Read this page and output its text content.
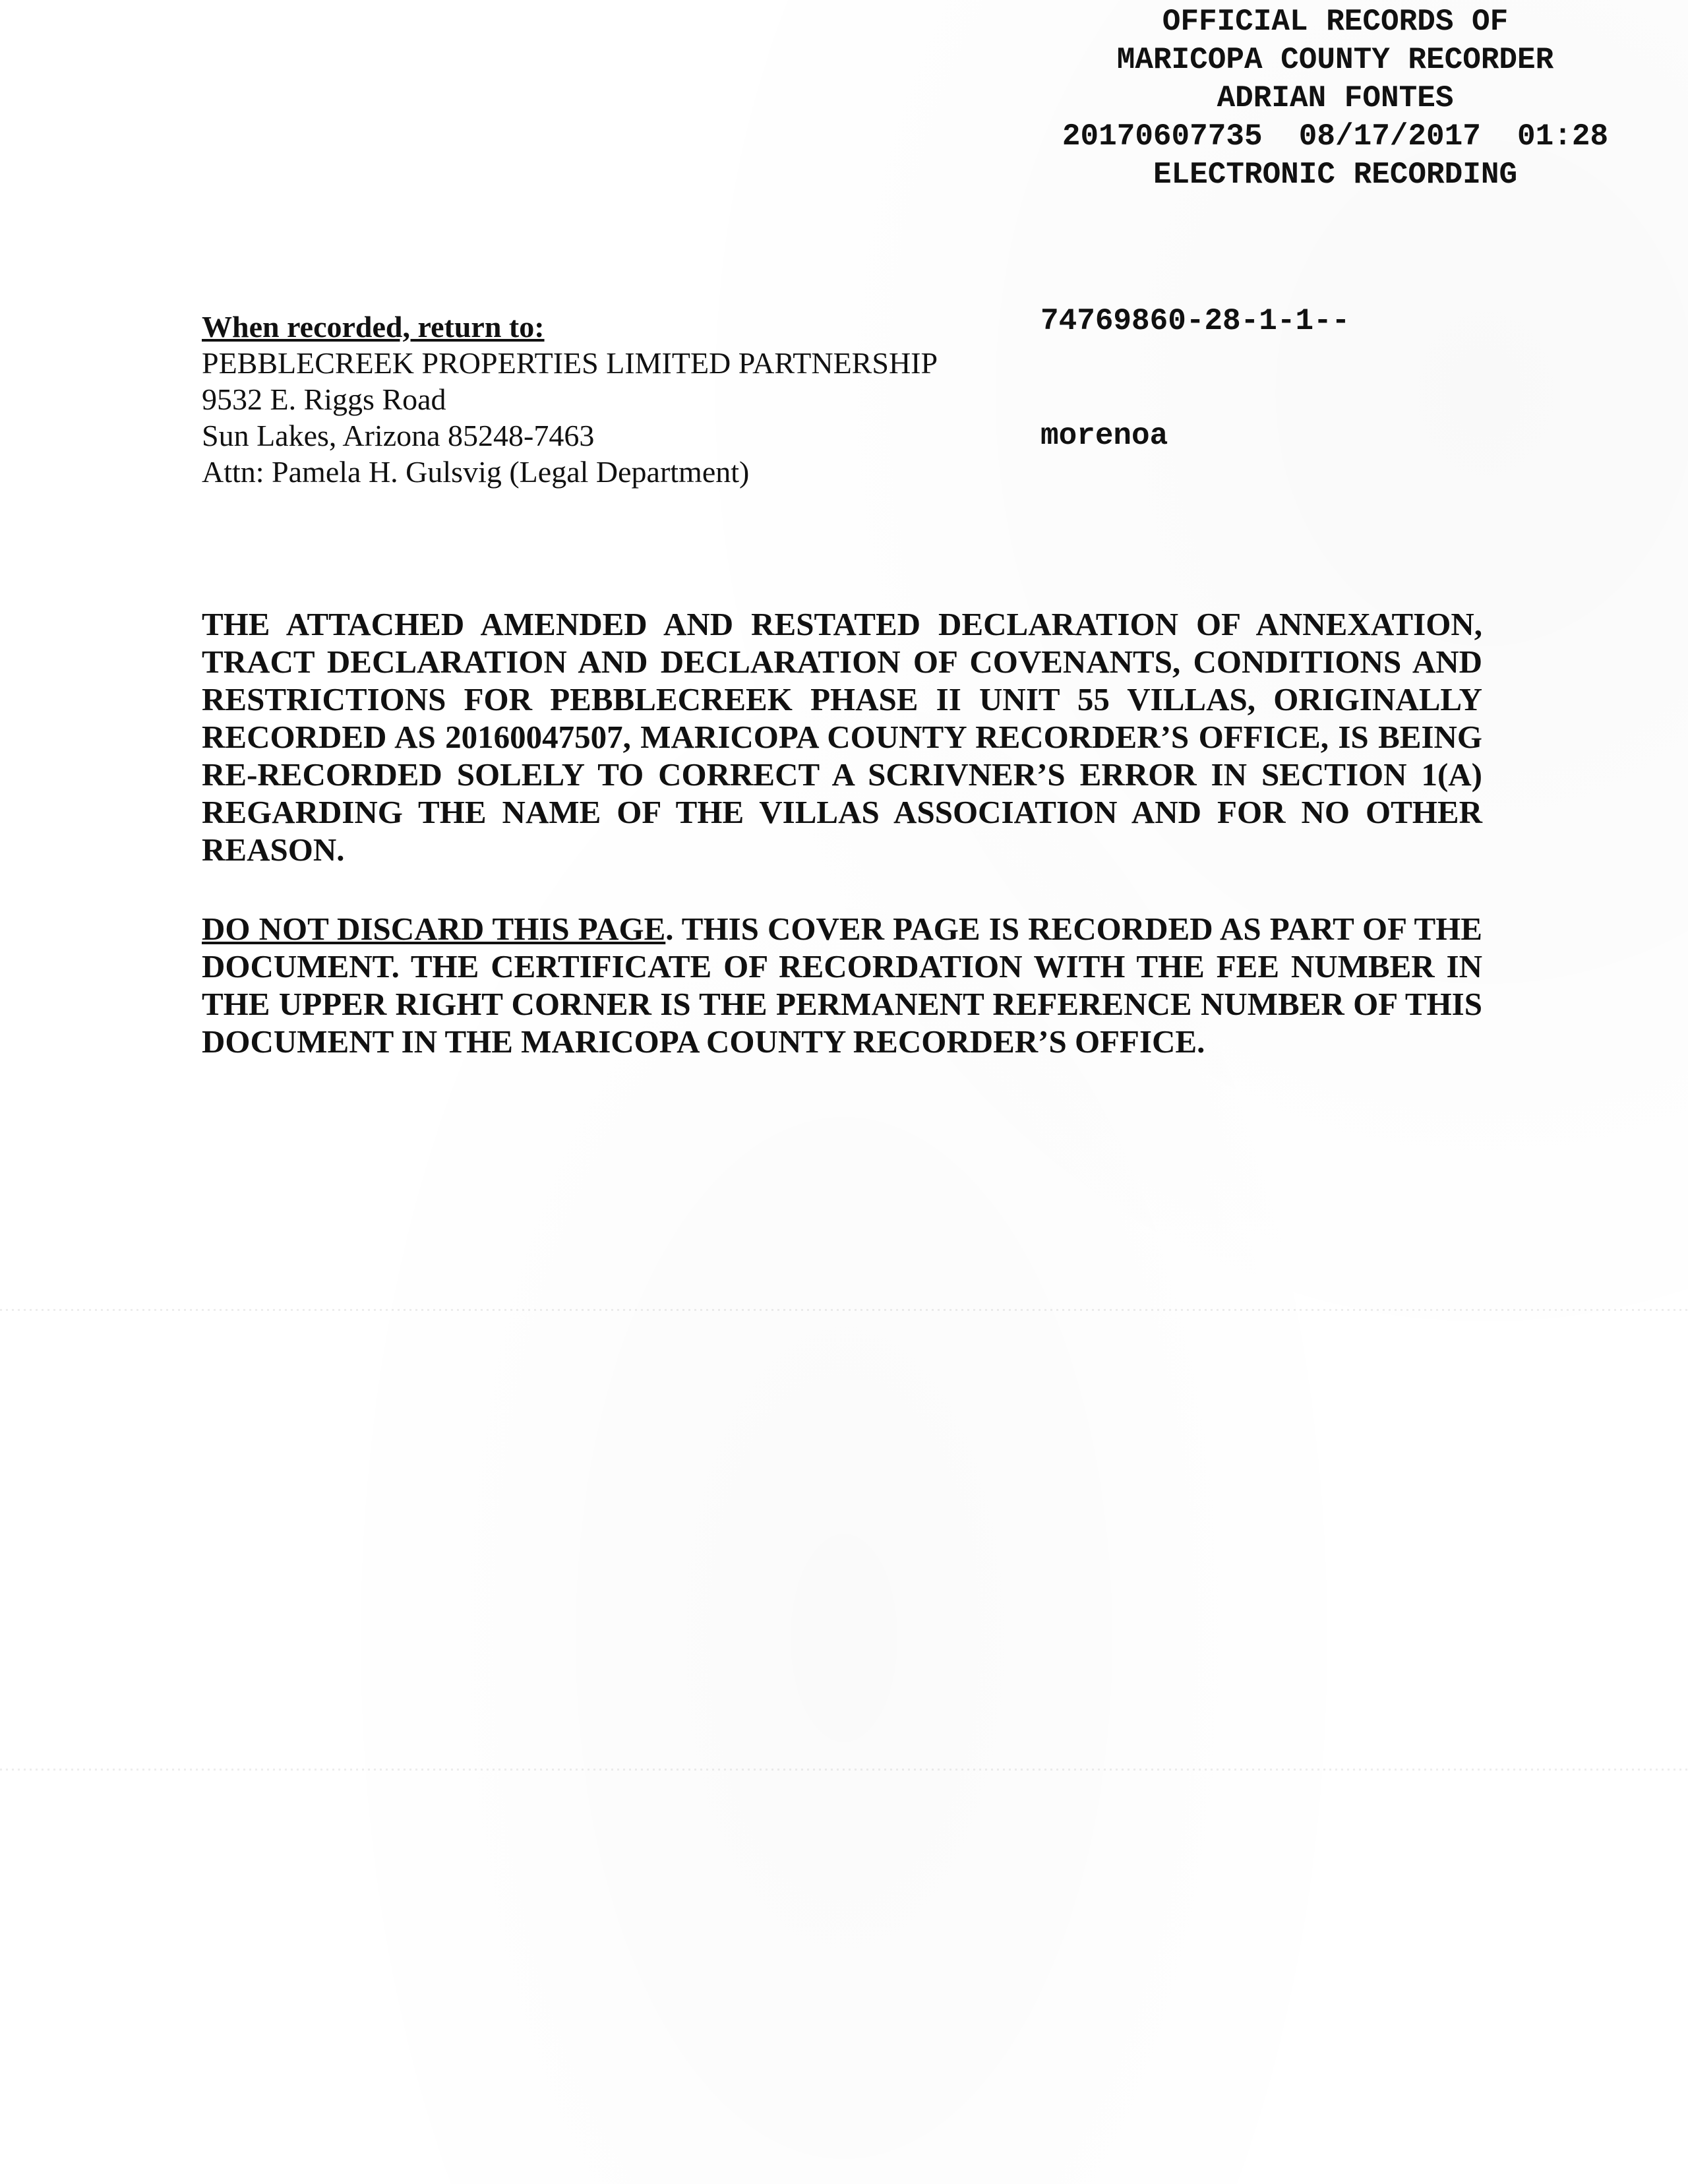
OFFICIAL RECORDS OF
MARICOPA COUNTY RECORDER
ADRIAN FONTES
20170607735 08/17/2017 01:28
ELECTRONIC RECORDING

74769860-28-1-1--

morenoa

When recorded, return to:
PEBBLECREEK PROPERTIES LIMITED PARTNERSHIP
9532 E. Riggs Road
Sun Lakes, Arizona 85248-7463
Attn: Pamela H. Gulsvig (Legal Department)
THE ATTACHED AMENDED AND RESTATED DECLARATION OF ANNEXATION, TRACT DECLARATION AND DECLARATION OF COVENANTS, CONDITIONS AND RESTRICTIONS FOR PEBBLECREEK PHASE II UNIT 55 VILLAS, ORIGINALLY RECORDED AS 20160047507, MARICOPA COUNTY RECORDER’S OFFICE, IS BEING RE-RECORDED SOLELY TO CORRECT A SCRIVNER’S ERROR IN SECTION 1(A) REGARDING THE NAME OF THE VILLAS ASSOCIATION AND FOR NO OTHER REASON.
DO NOT DISCARD THIS PAGE. THIS COVER PAGE IS RECORDED AS PART OF THE DOCUMENT. THE CERTIFICATE OF RECORDATION WITH THE FEE NUMBER IN THE UPPER RIGHT CORNER IS THE PERMANENT REFERENCE NUMBER OF THIS DOCUMENT IN THE MARICOPA COUNTY RECORDER’S OFFICE.
